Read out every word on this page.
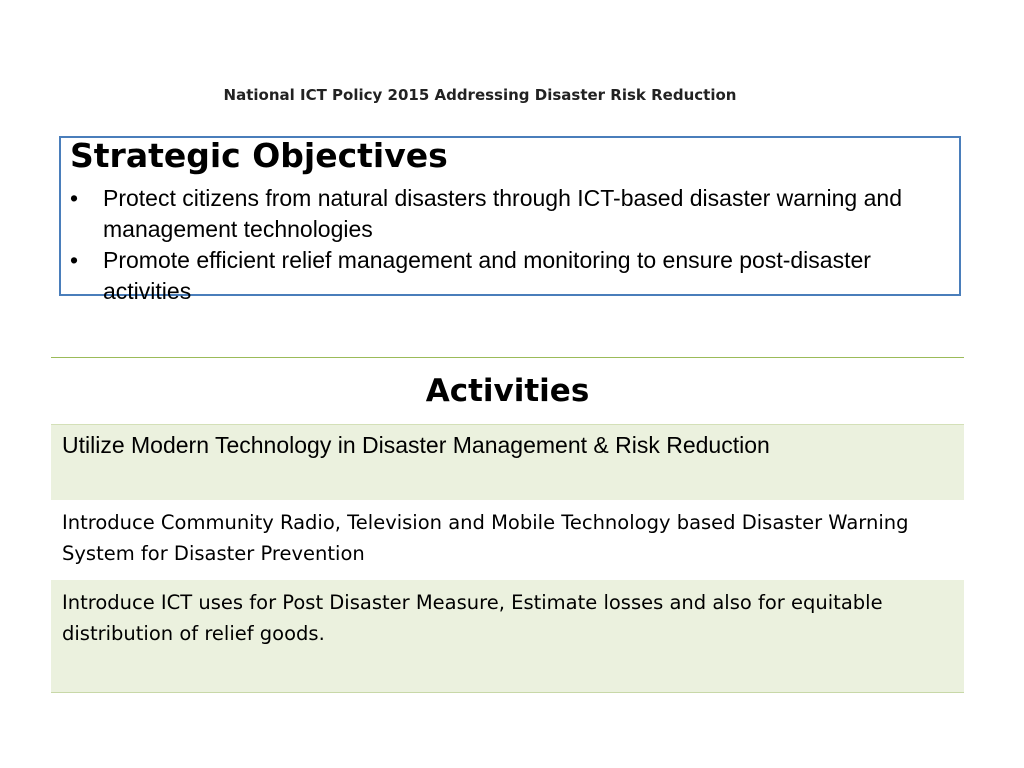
National ICT Policy 2015 Addressing Disaster Risk Reduction
Strategic Objectives
• Protect citizens from natural disasters through ICT-based disaster warning and management technologies
• Promote efficient relief management and monitoring to ensure post-disaster activities
Activities
Utilize Modern Technology in Disaster Management & Risk Reduction
Introduce Community Radio, Television and Mobile Technology based Disaster Warning System for Disaster Prevention
Introduce ICT uses for Post Disaster Measure, Estimate losses and also for equitable distribution of relief goods.
